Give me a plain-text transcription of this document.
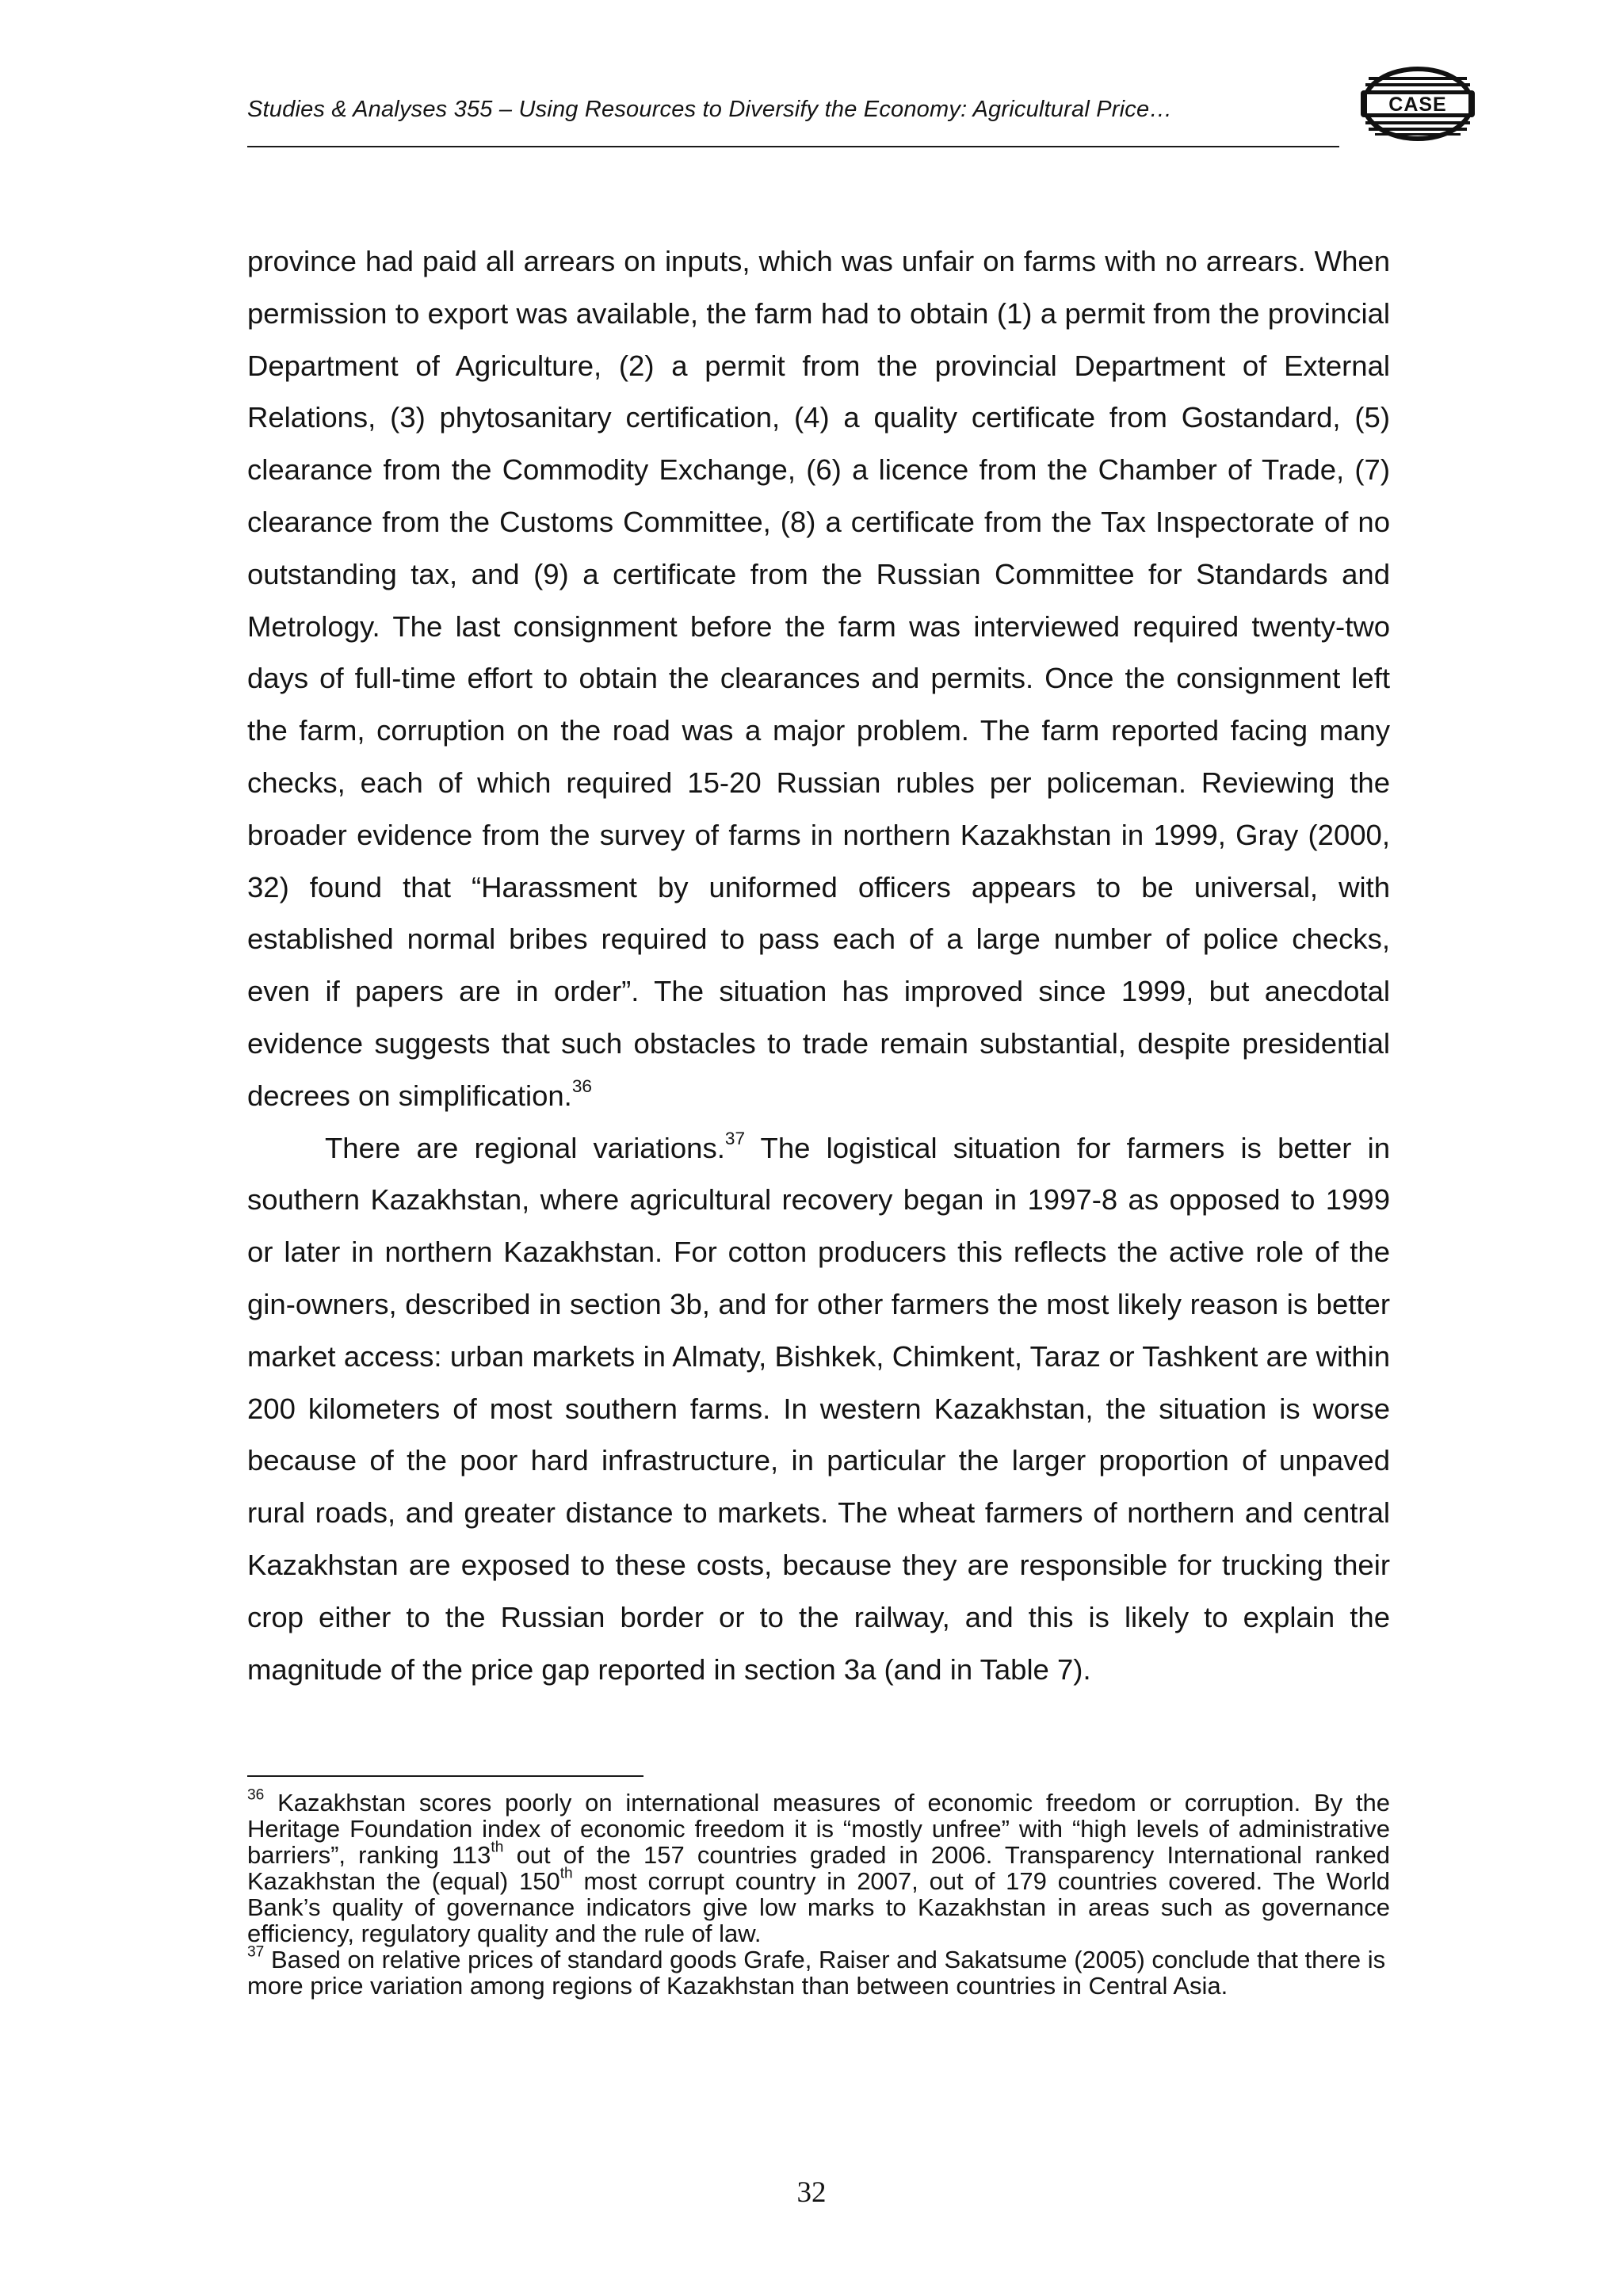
Studies & Analyses 355 – Using Resources to Diversify the Economy: Agricultural Price…	CASE

province had paid all arrears on inputs, which was unfair on farms with no arrears. When permission to export was available, the farm had to obtain (1) a permit from the provincial Department of Agriculture, (2) a permit from the provincial Department of External Relations, (3) phytosanitary certification, (4) a quality certificate from Gostandard, (5) clearance from the Commodity Exchange, (6) a licence from the Chamber of Trade, (7) clearance from the Customs Committee, (8) a certificate from the Tax Inspectorate of no outstanding tax, and (9) a certificate from the Russian Committee for Standards and Metrology. The last consignment before the farm was interviewed required twenty-two days of full-time effort to obtain the clearances and permits. Once the consignment left the farm, corruption on the road was a major problem. The farm reported facing many checks, each of which required 15-20 Russian rubles per policeman. Reviewing the broader evidence from the survey of farms in northern Kazakhstan in 1999, Gray (2000, 32) found that “Harassment by uniformed officers appears to be universal, with established normal bribes required to pass each of a large number of police checks, even if papers are in order”. The situation has improved since 1999, but anecdotal evidence suggests that such obstacles to trade remain substantial, despite presidential decrees on simplification.$^{36}$

There are regional variations.$^{37}$ The logistical situation for farmers is better in southern Kazakhstan, where agricultural recovery began in 1997-8 as opposed to 1999 or later in northern Kazakhstan. For cotton producers this reflects the active role of the gin-owners, described in section 3b, and for other farmers the most likely reason is better market access: urban markets in Almaty, Bishkek, Chimkent, Taraz or Tashkent are within 200 kilometers of most southern farms. In western Kazakhstan, the situation is worse because of the poor hard infrastructure, in particular the larger proportion of unpaved rural roads, and greater distance to markets. The wheat farmers of northern and central Kazakhstan are exposed to these costs, because they are responsible for trucking their crop either to the Russian border or to the railway, and this is likely to explain the magnitude of the price gap reported in section 3a (and in Table 7).

$^{36}$ Kazakhstan scores poorly on international measures of economic freedom or corruption. By the Heritage Foundation index of economic freedom it is “mostly unfree” with “high levels of administrative barriers”, ranking 113th out of the 157 countries graded in 2006. Transparency International ranked Kazakhstan the (equal) 150th most corrupt country in 2007, out of 179 countries covered. The World Bank’s quality of governance indicators give low marks to Kazakhstan in areas such as governance efficiency, regulatory quality and the rule of law.

$^{37}$ Based on relative prices of standard goods Grafe, Raiser and Sakatsume (2005) conclude that there is more price variation among regions of Kazakhstan than between countries in Central Asia.

32
